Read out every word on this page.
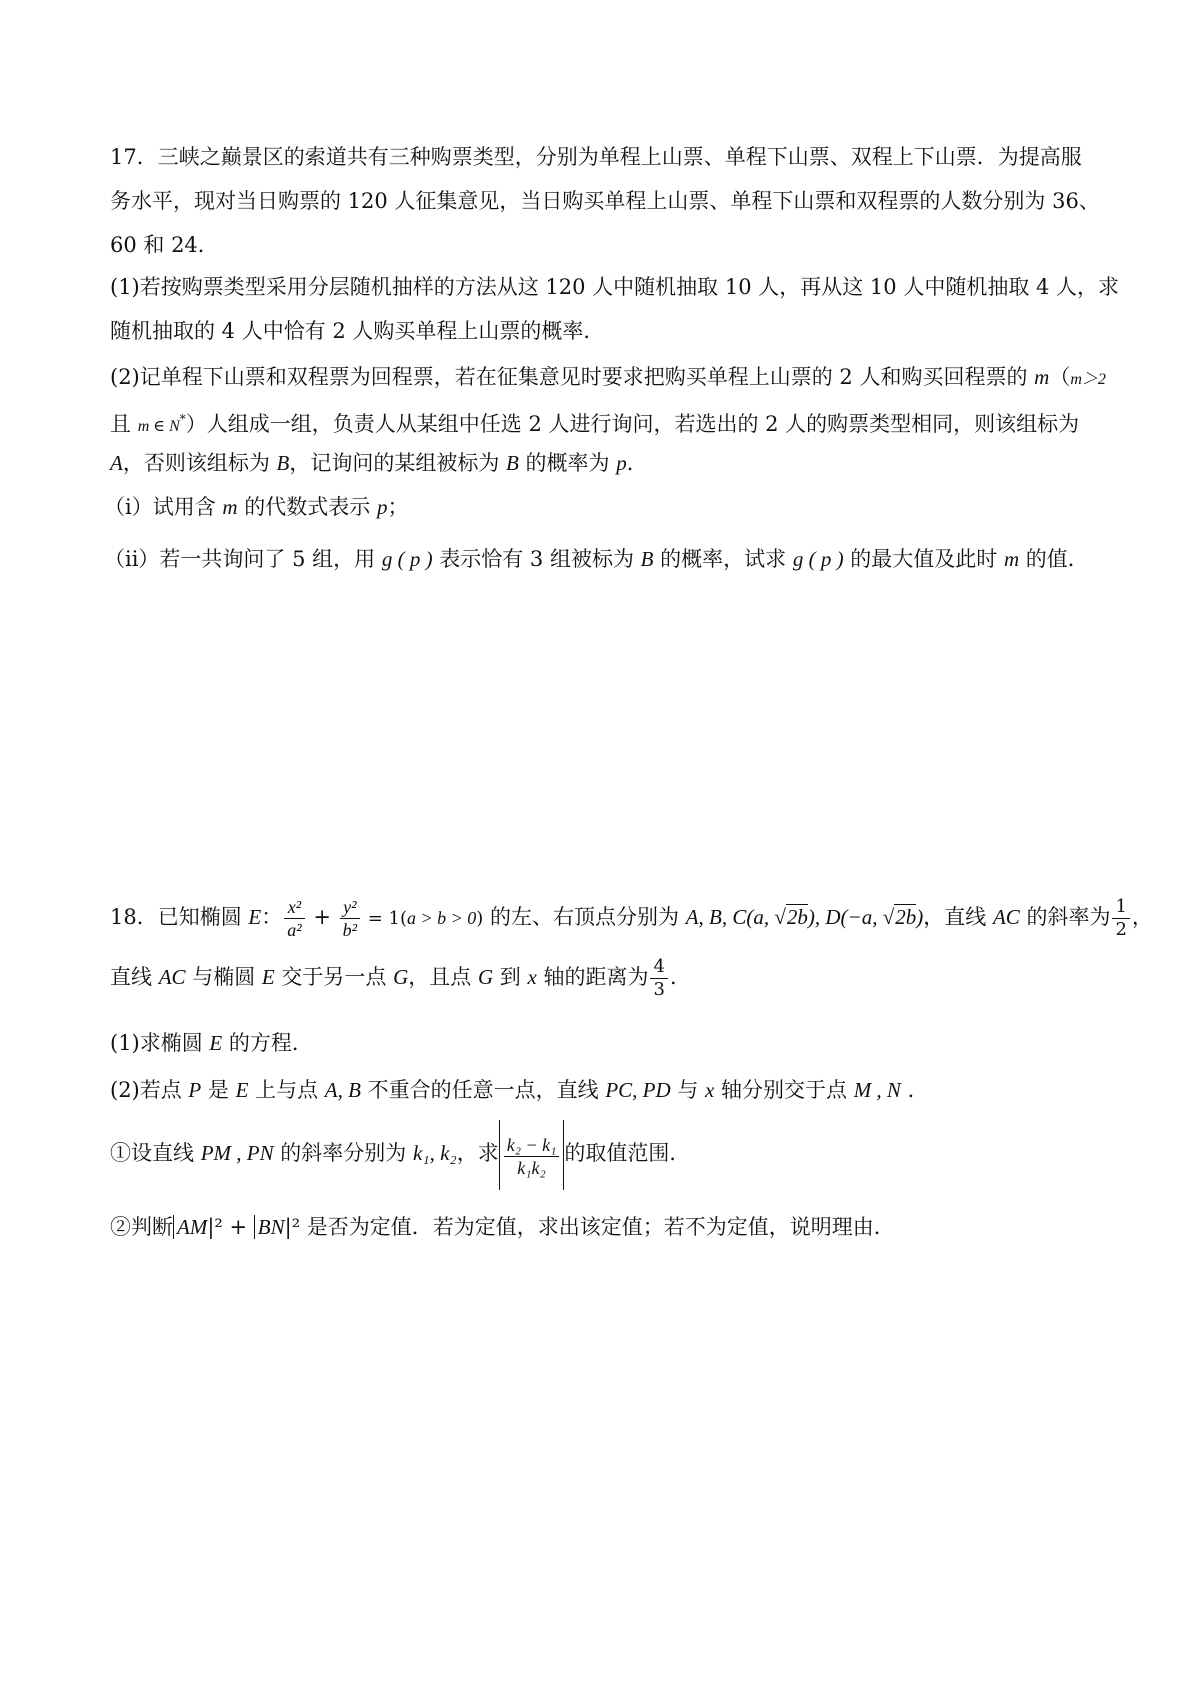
17．三峡之巅景区的索道共有三种购票类型，分别为单程上山票、单程下山票、双程上下山票．为提高服
务水平，现对当日购票的 120 人征集意见，当日购买单程上山票、单程下山票和双程票的人数分别为 36、
60 和 24．
(1)若按购票类型采用分层随机抽样的方法从这 120 人中随机抽取 10 人，再从这 10 人中随机抽取 4 人，求
随机抽取的 4 人中恰有 2 人购买单程上山票的概率．
(2)记单程下山票和双程票为回程票，若在征集意见时要求把购买单程上山票的 2 人和购买回程票的 m（m＞2
且 m ∈ N*）人组成一组，负责人从某组中任选 2 人进行询问，若选出的 2 人的购票类型相同，则该组标为
A，否则该组标为 B，记询问的某组被标为 B 的概率为 p．
（i）试用含 m 的代数式表示 p；
（ii）若一共询问了 5 组，用 g ( p ) 表示恰有 3 组被标为 B 的概率，试求 g ( p ) 的最大值及此时 m 的值．
18．已知椭圆 E： $\frac{\text{x²}}{\text{a²}} + \frac{\text{y²}}{\text{b²}} = 1(a > b > 0)$ 的左、右顶点分别为 A, B, C(a, √2b), D(−a, √2b)，直线 AC 的斜率为 $\frac{1}{2}$ ，
直线 AC 与椭圆 E 交于另一点 G，且点 G 到 x 轴的距离为 $\frac{4}{3}$ ．
(1)求椭圆 E 的方程．
(2)若点 P 是 E 上与点 A, B 不重合的任意一点，直线 PC, PD 与 x 轴分别交于点 M , N ．
①设直线 PM , PN 的斜率分别为 k₁, k₂，求 $\frac{\text{k₂ − k₁}}{\text{k₁k₂}}$ 的取值范围．
②判断 AM|² + BN|² 是否为定值．若为定值，求出该定值；若不为定值，说明理由．
